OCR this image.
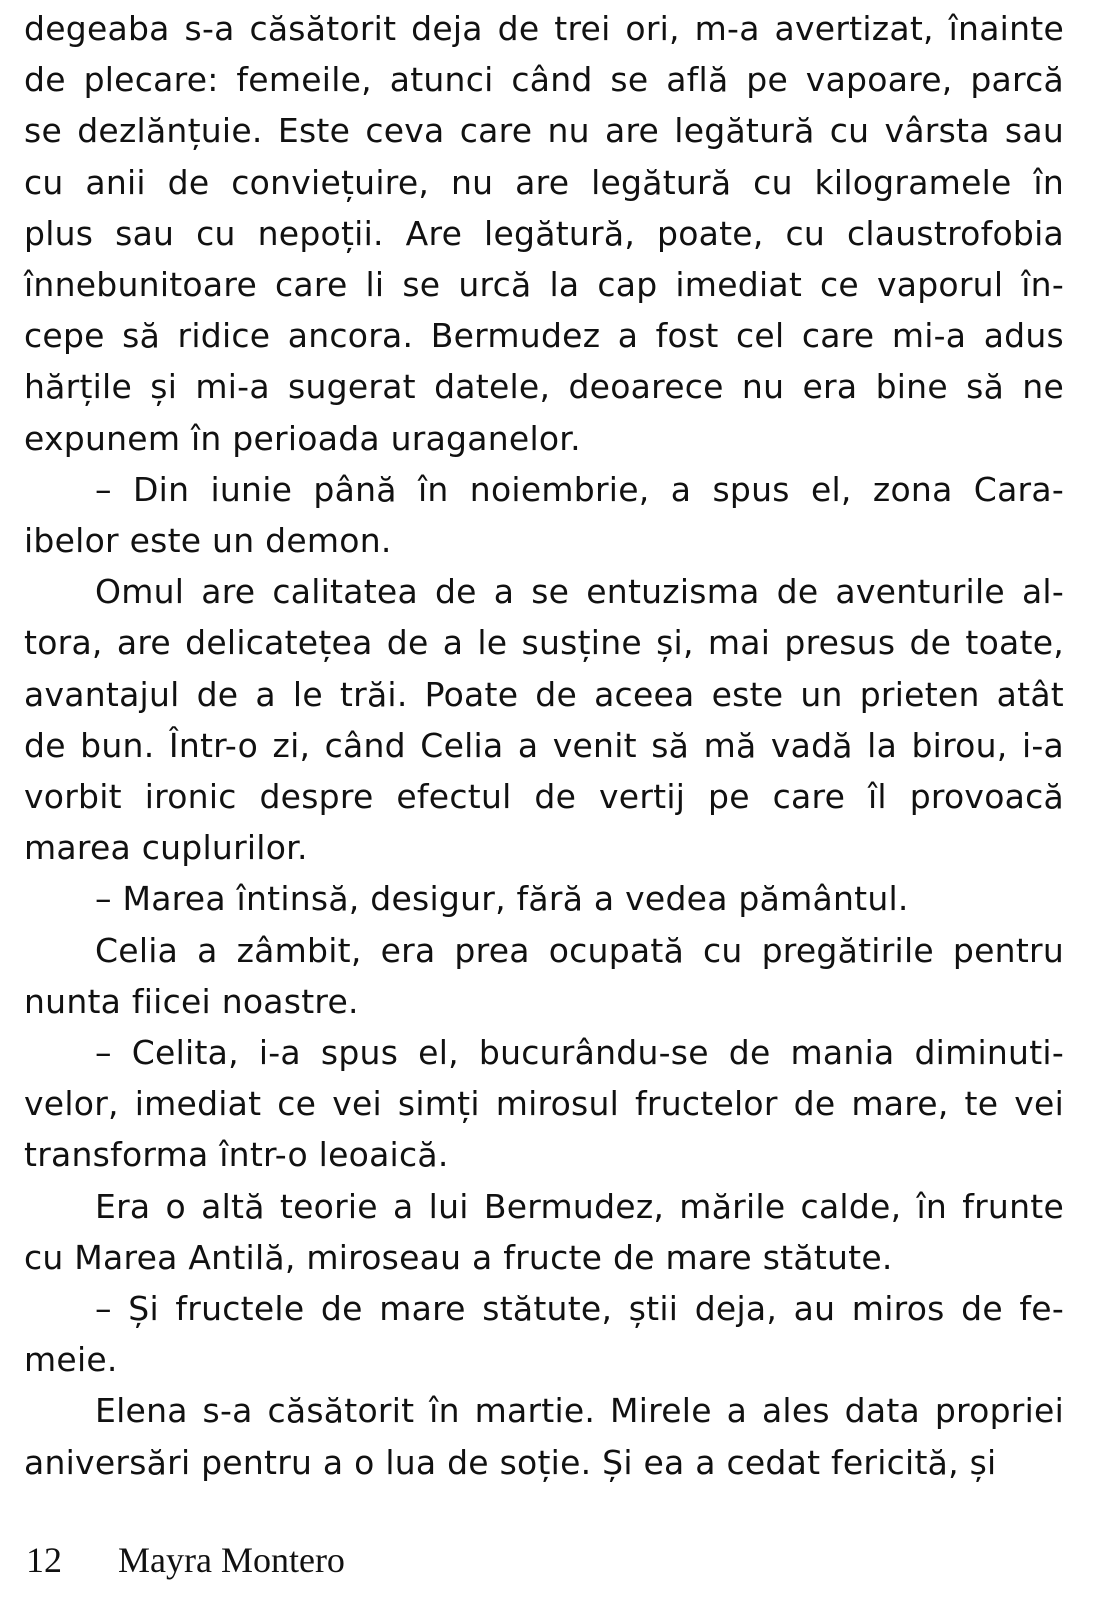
degeaba s-a căsătorit deja de trei ori, m-a avertizat, înainte
de plecare: femeile, atunci când se află pe vapoare, parcă
se dezlănțuie. Este ceva care nu are legătură cu vârsta sau
cu anii de conviețuire, nu are legătură cu kilogramele în
plus sau cu nepoții. Are legătură, poate, cu claustrofobia
înnebunitoare care li se urcă la cap imediat ce vaporul în-
cepe să ridice ancora. Bermudez a fost cel care mi-a adus
hărțile și mi-a sugerat datele, deoarece nu era bine să ne
expunem în perioada uraganelor.

– Din iunie până în noiembrie, a spus el, zona Cara-
ibelor este un demon.

Omul are calitatea de a se entuzisma de aventurile al-
tora, are delicatețea de a le susține și, mai presus de toate,
avantajul de a le trăi. Poate de aceea este un prieten atât
de bun. Într-o zi, când Celia a venit să mă vadă la birou, i-a
vorbit ironic despre efectul de vertij pe care îl provoacă
marea cuplurilor.

– Marea întinsă, desigur, fără a vedea pământul.

Celia a zâmbit, era prea ocupată cu pregătirile pentru
nunta fiicei noastre.

– Celita, i-a spus el, bucurându-se de mania diminuti-
velor, imediat ce vei simți mirosul fructelor de mare, te vei
transforma într-o leoaică.

Era o altă teorie a lui Bermudez, mările calde, în frunte
cu Marea Antilă, miroseau a fructe de mare stătute.

– Și fructele de mare stătute, știi deja, au miros de fe-
meie.

Elena s-a căsătorit în martie. Mirele a ales data propriei
aniversări pentru a o lua de soție. Și ea a cedat fericită, și

12 Mayra Montero
